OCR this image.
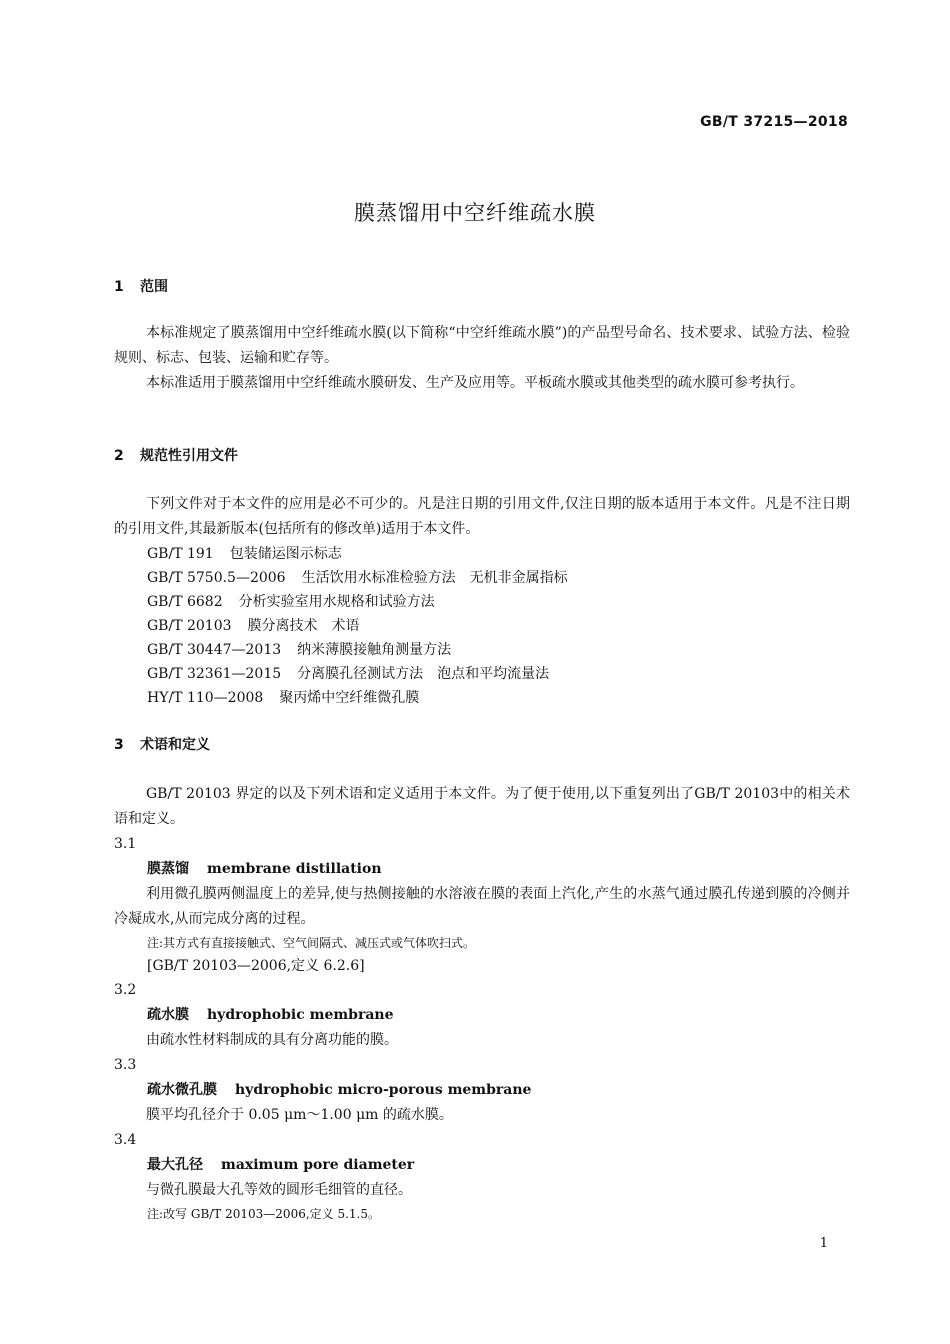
GB/T 37215—2018
膜蒸馏用中空纤维疏水膜
1 范围

本标准规定了膜蒸馏用中空纤维疏水膜(以下简称“中空纤维疏水膜”)的产品型号命名、技术要求、试验方法、检验规则、标志、包装、运输和贮存等。

本标准适用于膜蒸馏用中空纤维疏水膜研发、生产及应用等。平板疏水膜或其他类型的疏水膜可参考执行。

2 规范性引用文件

下列文件对于本文件的应用是必不可少的。凡是注日期的引用文件,仅注日期的版本适用于本文件。凡是不注日期的引用文件,其最新版本(包括所有的修改单)适用于本文件。

GB/T 191 包装储运图示标志
GB/T 5750.5—2006 生活饮用水标准检验方法　无机非金属指标
GB/T 6682 分析实验室用水规格和试验方法
GB/T 20103 膜分离技术　术语
GB/T 30447—2013 纳米薄膜接触角测量方法
GB/T 32361—2015 分离膜孔径测试方法　泡点和平均流量法
HY/T 110—2008 聚丙烯中空纤维微孔膜
3 术语和定义

GB/T 20103 界定的以及下列术语和定义适用于本文件。为了便于使用,以下重复列出了GB/T 20103中的相关术语和定义。

3.1
膜蒸馏 membrane distillation

利用微孔膜两侧温度上的差异,使与热侧接触的水溶液在膜的表面上汽化,产生的水蒸气通过膜孔传递到膜的冷侧并冷凝成水,从而完成分离的过程。

注:其方式有直接接触式、空气间隔式、减压式或气体吹扫式。
[GB/T 20103—2006,定义 6.2.6]
3.2
疏水膜 hydrophobic membrane

由疏水性材料制成的具有分离功能的膜。

3.3
疏水微孔膜 hydrophobic micro-porous membrane

膜平均孔径介于 0.05 μm～1.00 μm 的疏水膜。

3.4
最大孔径 maximum pore diameter

与微孔膜最大孔等效的圆形毛细管的直径。

注:改写 GB/T 20103—2006,定义 5.1.5。
1
